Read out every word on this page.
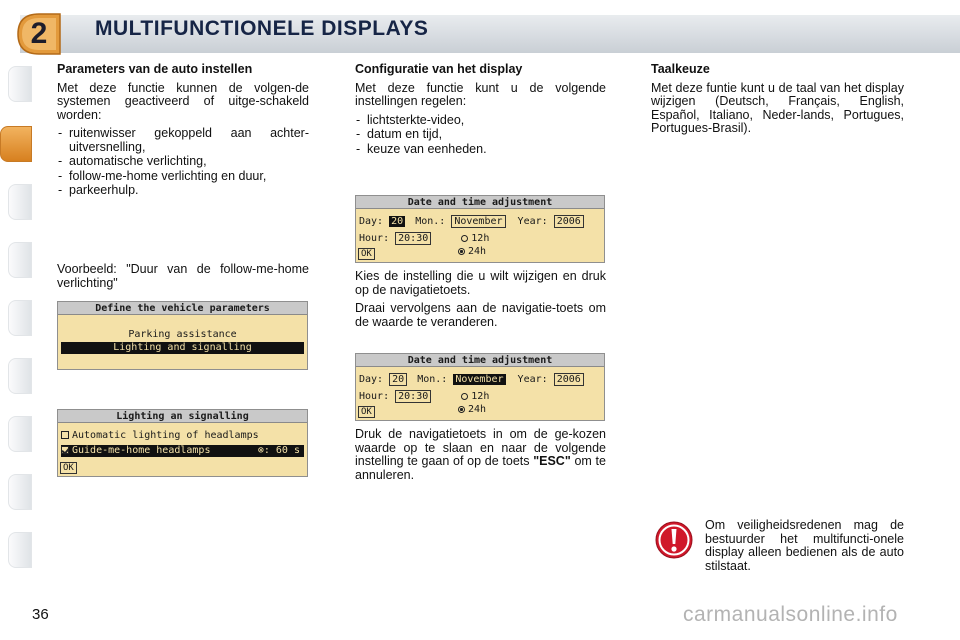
2	MULTIFUNCTIONELE DISPLAYS
Parameters van de auto instellen

Met deze functie kunnen de volgen-de systemen geactiveerd of uitge-schakeld worden:

- ruitenwisser gekoppeld aan achter-uitversnelling,
- automatische verlichting,
- follow-me-home verlichting en duur,
- parkeerhulp.

Voorbeeld: "Duur van de follow-me-home verlichting"

Define the vehicle parameters
Parking assistance
Lighting and signalling
Lighting an signalling
Automatic lighting of headlamps
Guide-me-home headlamps	⊗: 60 s
OK
Configuratie van het display

Met deze functie kunt u de volgende instellingen regelen:

- lichtsterkte-video,
- datum en tijd,
- keuze van eenheden.
Date and time adjustment
Day: 20 Mon.: November Year: 2006
Hour: 20:30	12h
24h
OK

Kies de instelling die u wilt wijzigen en druk op de navigatietoets.

Draai vervolgens aan de navigatie-toets om de waarde te veranderen.

Date and time adjustment
Day: 20 Mon.: November Year: 2006
Hour: 20:30	12h
24h
OK

Druk de navigatietoets in om de ge-kozen waarde op te slaan en naar de volgende instelling te gaan of op de toets "ESC" om te annuleren.

Taalkeuze

Met deze funtie kunt u de taal van het display wijzigen (Deutsch, Français, English, Español, Italiano, Neder-lands, Portugues, Portugues-Brasil).

Om veiligheidsredenen mag de bestuurder het multifuncti-onele display alleen bedienen als de auto stilstaat.
36	carmanualsonline.info
